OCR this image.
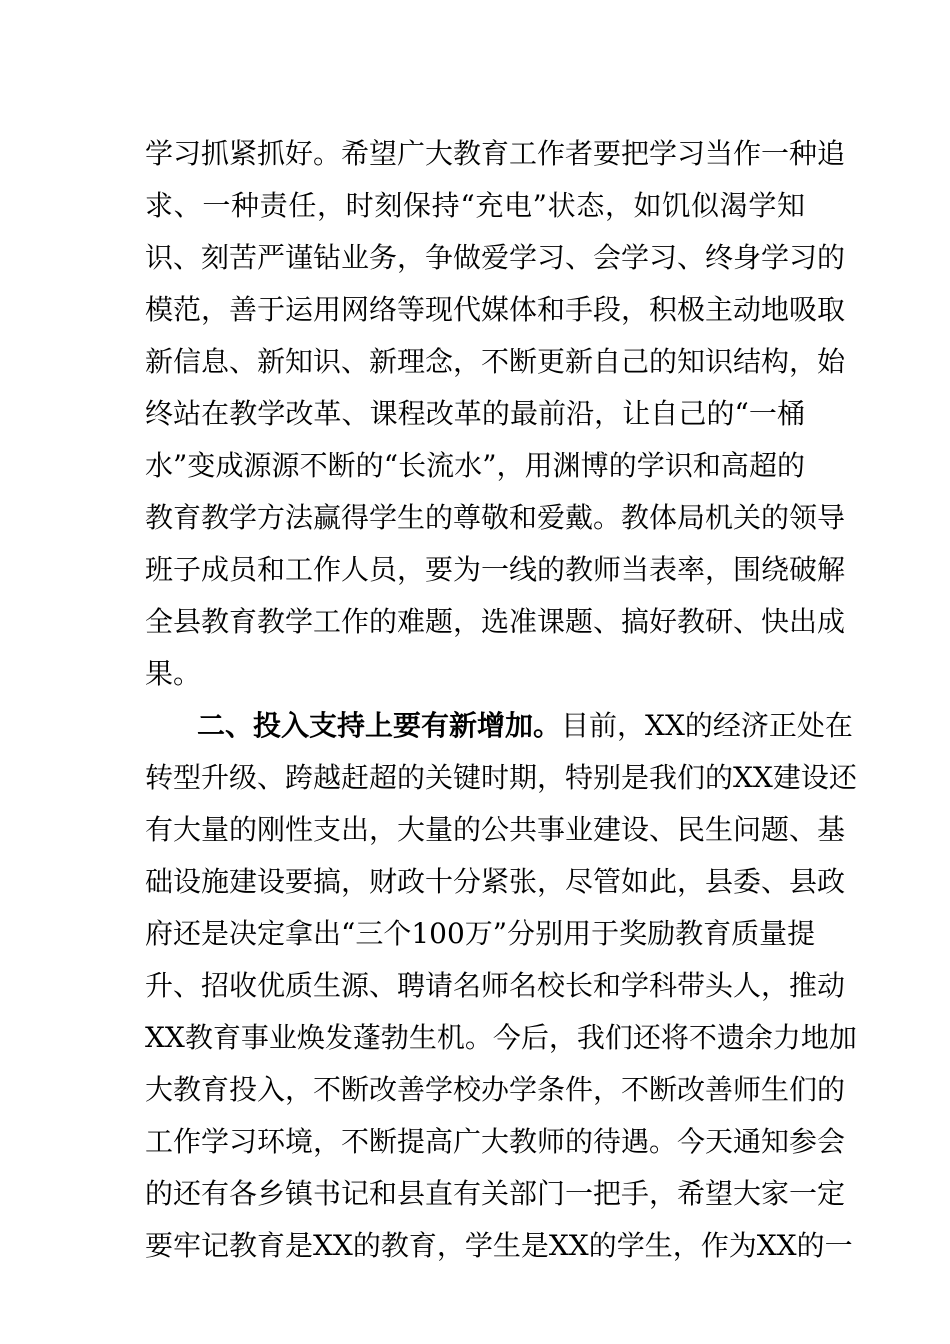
学习抓紧抓好。希望广大教育工作者要把学习当作一种追
求、一种责任，时刻保持“充电”状态，如饥似渴学知
识、刻苦严谨钻业务，争做爱学习、会学习、终身学习的
模范，善于运用网络等现代媒体和手段，积极主动地吸取
新信息、新知识、新理念，不断更新自己的知识结构，始
终站在教学改革、课程改革的最前沿，让自己的“一桶
水”变成源源不断的“长流水”，用渊博的学识和高超的
教育教学方法赢得学生的尊敬和爱戴。教体局机关的领导
班子成员和工作人员，要为一线的教师当表率，围绕破解
全县教育教学工作的难题，选准课题、搞好教研、快出成
果。
二、投入支持上要有新增加。目前，XX的经济正处在
转型升级、跨越赶超的关键时期，特别是我们的XX建设还
有大量的刚性支出，大量的公共事业建设、民生问题、基
础设施建设要搞，财政十分紧张，尽管如此，县委、县政
府还是决定拿出“三个100万”分别用于奖励教育质量提
升、招收优质生源、聘请名师名校长和学科带头人，推动
XX教育事业焕发蓬勃生机。今后，我们还将不遗余力地加
大教育投入，不断改善学校办学条件，不断改善师生们的
工作学习环境，不断提高广大教师的待遇。今天通知参会
的还有各乡镇书记和县直有关部门一把手，希望大家一定
要牢记教育是XX的教育，学生是XX的学生，作为XX的一
